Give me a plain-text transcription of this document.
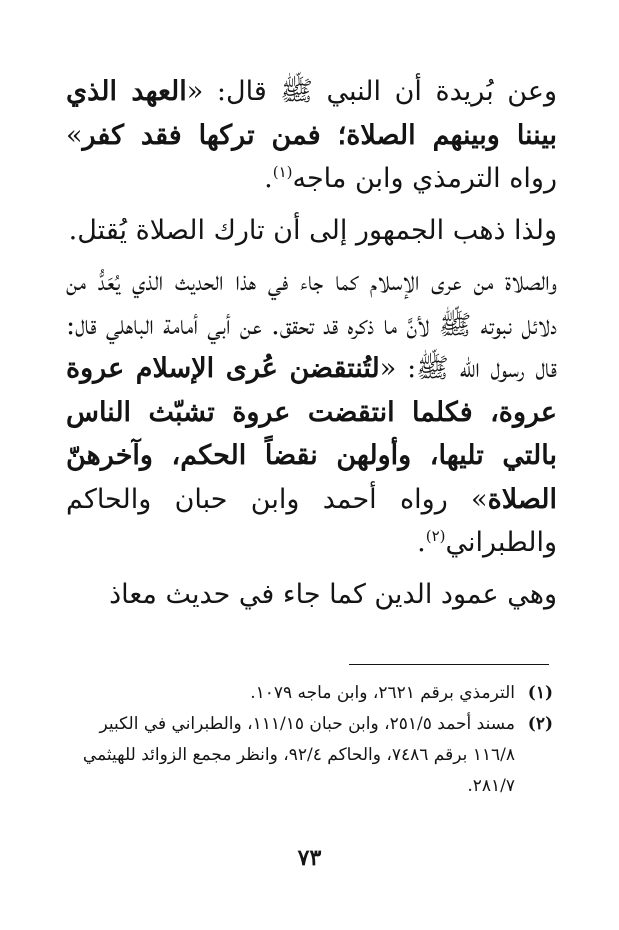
وعن بُريدة أن النبي ﷺ قال: «العهد الذي بيننا وبينهم الصلاة؛ فمن تركها فقد كفر» رواه الترمذي وابن ماجه$^{(١)}$.

ولذا ذهب الجمهور إلى أن تارك الصلاة يُقتل.

والصلاة من عرى الإسلام كما جاء في هذا الحديث الذي يُعَدُّ من دلائل نبوته ﷺ لأنَّ ما ذكره قد تحقق. عن أبي أمامة الباهلي قال: قال رسول الله ﷺ: «لتُنتقضن عُرى الإسلام عروة عروة، فكلما انتقضت عروة تشبّث الناس بالتي تليها، وأولهن نقضاً الحكم، وآخرهنّ الصلاة» رواه أحمد وابن حبان والحاكم والطبراني$^{(٢)}$.

وهي عمود الدين كما جاء في حديث معاذ

(١)
الترمذي برقم ٢٦٢١، وابن ماجه ١٠٧٩.
(٢)
مسند أحمد ٢٥١/٥، وابن حبان ١١١/١٥، والطبراني في الكبير ١١٦/٨ برقم ٧٤٨٦، والحاكم ٩٢/٤، وانظر مجمع الزوائد للهيثمي ٢٨١/٧.
٧٣
